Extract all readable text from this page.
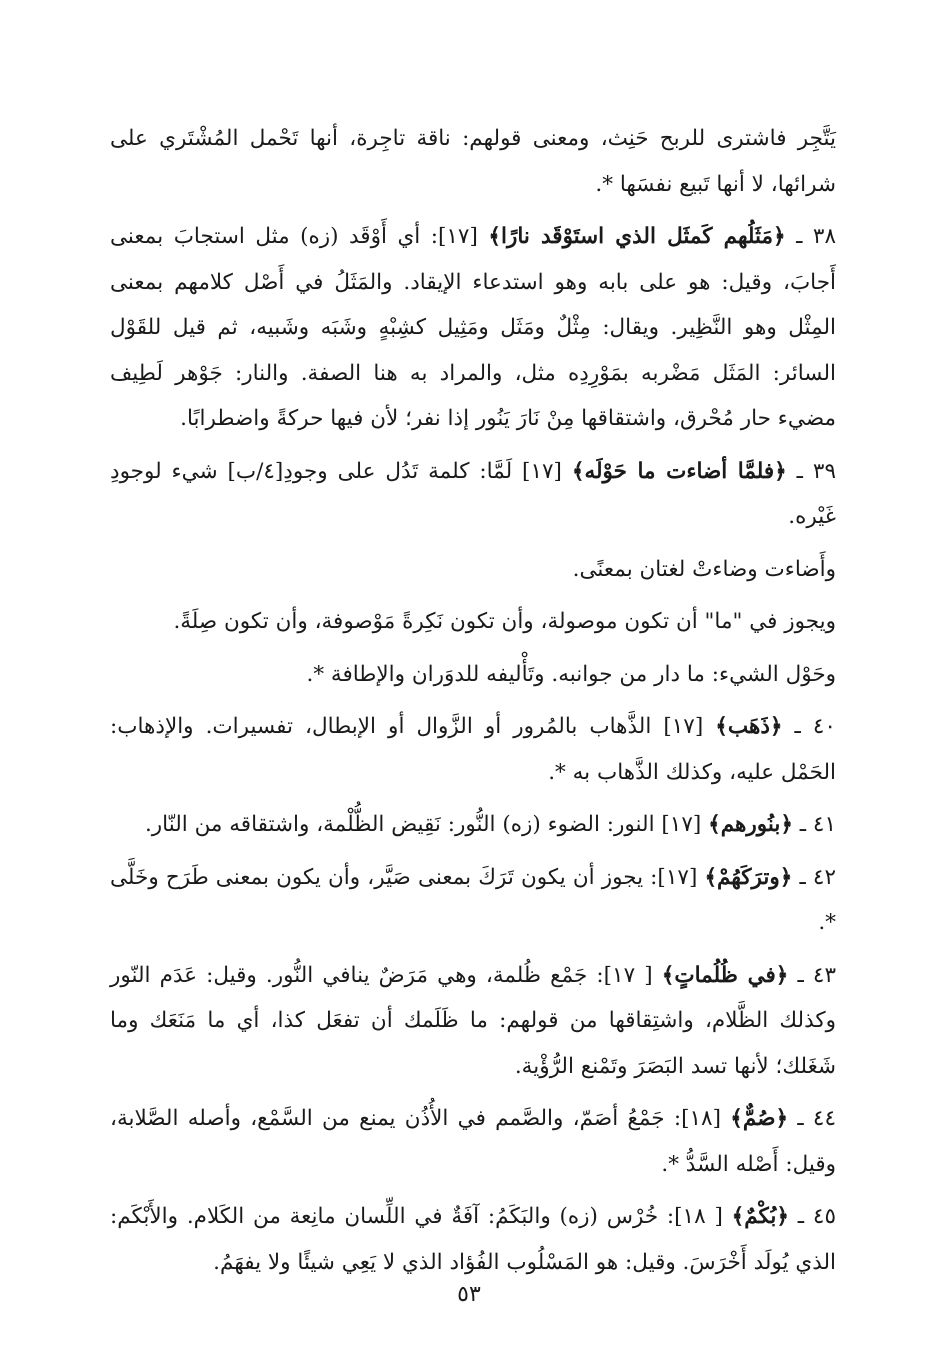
يَتَّجِر فاشترى للربح حَنِث، ومعنى قولهم: ناقة تاجِرة، أنها تَحْمل المُشْتَري على شرائها، لا أنها تَبيع نفسَها *.

٣٨ ـ ﴿مَثَلُهم كَمثَل الذي استَوْقَد نارًا﴾ [١٧]: أي أَوْقَد (زه) مثل استجابَ بمعنى أَجابَ، وقيل: هو على بابه وهو استدعاء الإيقاد. والمَثَلُ في أَصْل كلامهم بمعنى المِثْل وهو النَّظِير. ويقال: مِثْلٌ ومَثَل ومَثِيل كشِبْهٍ وشَبَه وشَبيه، ثم قيل للقَوْل السائر: المَثَل مَضْربه بمَوْرِدِه مثل، والمراد به هنا الصفة. والنار: جَوْهر لَطِيف مضيء حار مُحْرق، واشتقاقها مِنْ نَارَ يَنُور إذا نفر؛ لأن فيها حركةً واضطرابًا.

٣٩ ـ ﴿فلمَّا أضاءت ما حَوْلَه﴾ [١٧] لَمَّا: كلمة تَدُل على وجودِ[٤/ب] شيء لوجودِ غَيْره.

وأَضاءت وضاءتْ لغتان بمعنًى.

ويجوز في "ما" أن تكون موصولة، وأن تكون نَكِرةً مَوْصوفة، وأن تكون صِلَةً.

وحَوْل الشيء: ما دار من جوانبه. وتَأْليفه للدوَران والإطافة *.

٤٠ ـ ﴿ذَهَب﴾ [١٧] الذَّهاب بالمُرور أو الزَّوال أو الإبطال، تفسيرات. والإذهاب: الحَمْل عليه، وكذلك الذَّهاب به *.

٤١ ـ ﴿بنُورهم﴾ [١٧] النور: الضوء (زه) النُّور: نَقِيض الظُّلْمة، واشتقاقه من النّار.

٤٢ ـ ﴿وترَكَهُمْ﴾ [١٧]: يجوز أن يكون تَرَكَ بمعنى صَيَّر، وأن يكون بمعنى طَرَح وخَلَّى *.

٤٣ ـ ﴿في ظُلُماتٍ﴾ [ ١٧]: جَمْع ظُلمة، وهي مَرَضٌ ينافي النُّور. وقيل: عَدَم النّور وكذلك الظَّلام، واشتِقاقها من قولهم: ما ظَلَمك أن تفعَل كذا، أي ما مَنَعَك وما شَغَلك؛ لأنها تسد البَصَرَ وتَمْنع الرُّؤْية.

٤٤ ـ ﴿صُمٌّ﴾ [١٨]: جَمْعُ أصَمّ، والصَّمم في الأُذُن يمنع من السَّمْع، وأصله الصَّلابة، وقيل: أَصْله السَّدُّ *.

٤٥ ـ ﴿بُكْمٌ﴾ [ ١٨]: خُرْس (زه) والبَكَمُ: آفَةٌ في اللِّسان مانِعة من الكَلام. والأَبْكَم: الذي يُولَد أَخْرَسَ. وقيل: هو المَسْلُوب الفُؤاد الذي لا يَعِي شيئًا ولا يفهَمُ.

٥٣
